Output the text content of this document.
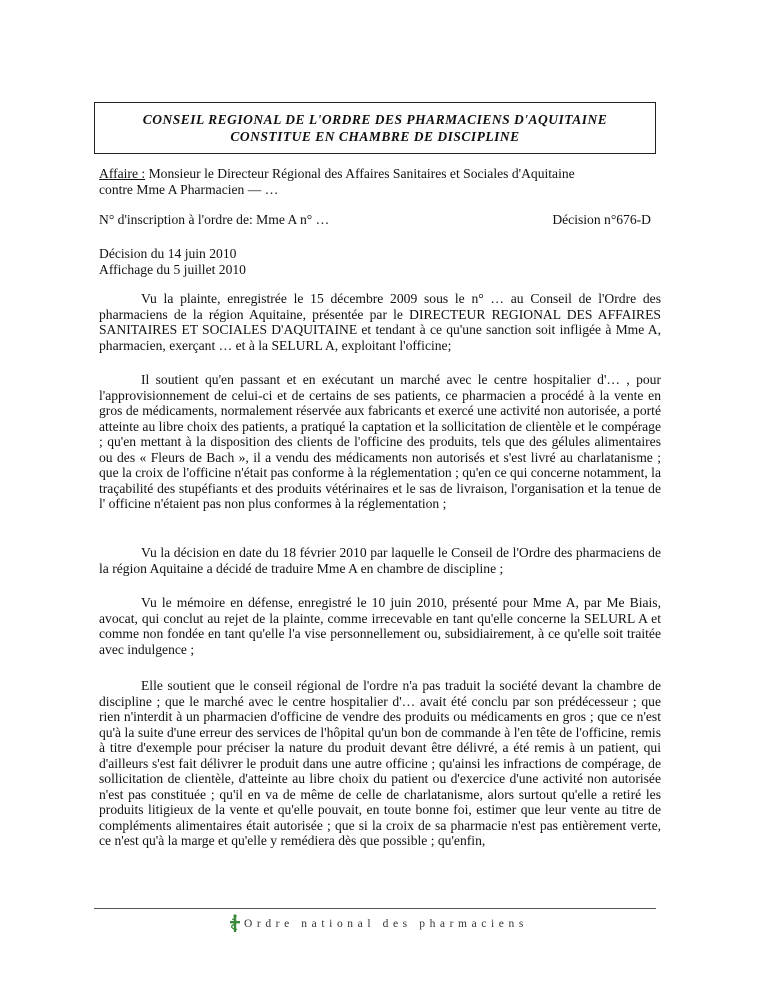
CONSEIL REGIONAL DE L'ORDRE DES PHARMACIENS D'AQUITAINE
CONSTITUE EN CHAMBRE DE DISCIPLINE
Affaire : Monsieur le Directeur Régional des Affaires Sanitaires et Sociales d'Aquitaine
contre Mme A Pharmacien — …
N° d'inscription à l'ordre de: Mme A n° …	Décision n°676-D
Décision du 14 juin 2010
Affichage du 5 juillet 2010
Vu la plainte, enregistrée le 15 décembre 2009 sous le n° … au Conseil de l'Ordre des pharmaciens de la région Aquitaine, présentée par le DIRECTEUR REGIONAL DES AFFAIRES SANITAIRES ET SOCIALES D'AQUITAINE et tendant à ce qu'une sanction soit infligée à Mme A, pharmacien, exerçant … et à la SELURL A, exploitant l'officine;
Il soutient qu'en passant et en exécutant un marché avec le centre hospitalier d'… , pour l'approvisionnement de celui-ci et de certains de ses patients, ce pharmacien a procédé à la vente en gros de médicaments, normalement réservée aux fabricants et exercé une activité non autorisée, a porté atteinte au libre choix des patients, a pratiqué la captation et la sollicitation de clientèle et le compérage ; qu'en mettant à la disposition des clients de l'officine des produits, tels que des gélules alimentaires ou des « Fleurs de Bach », il a vendu des médicaments non autorisés et s'est livré au charlatanisme ; que la croix de l'officine n'était pas conforme à la réglementation ; qu'en ce qui concerne notamment, la traçabilité des stupéfiants et des produits vétérinaires et le sas de livraison, l'organisation et la tenue de l' officine n'étaient pas non plus conformes à la réglementation ;
Vu la décision en date du 18 février 2010 par laquelle le Conseil de l'Ordre des pharmaciens de la région Aquitaine a décidé de traduire Mme A en chambre de discipline ;
Vu le mémoire en défense, enregistré le 10 juin 2010, présenté pour Mme A, par Me Biais, avocat, qui conclut au rejet de la plainte, comme irrecevable en tant qu'elle concerne la SELURL A et comme non fondée en tant qu'elle l'a vise personnellement ou, subsidiairement, à ce qu'elle soit traitée avec indulgence ;
Elle soutient que le conseil régional de l'ordre n'a pas traduit la société devant la chambre de discipline ; que le marché avec le centre hospitalier d'… avait été conclu par son prédécesseur ; que rien n'interdit à un pharmacien d'officine de vendre des produits ou médicaments en gros ; que ce n'est qu'à la suite d'une erreur des services de l'hôpital qu'un bon de commande à l'en tête de l'officine, remis à titre d'exemple pour préciser la nature du produit devant être délivré, a été remis à un patient, qui d'ailleurs s'est fait délivrer le produit dans une autre officine ; qu'ainsi les infractions de compérage, de sollicitation de clientèle, d'atteinte au libre choix du patient ou d'exercice d'une activité non autorisée n'est pas constituée ; qu'il en va de même de celle de charlatanisme, alors surtout qu'elle a retiré les produits litigieux de la vente et qu'elle pouvait, en toute bonne foi, estimer que leur vente au titre de compléments alimentaires était autorisée ; que si la croix de sa pharmacie n'est pas entièrement verte, ce n'est qu'à la marge et qu'elle y remédiera dès que possible ; qu'enfin,
Ordre national des pharmaciens
